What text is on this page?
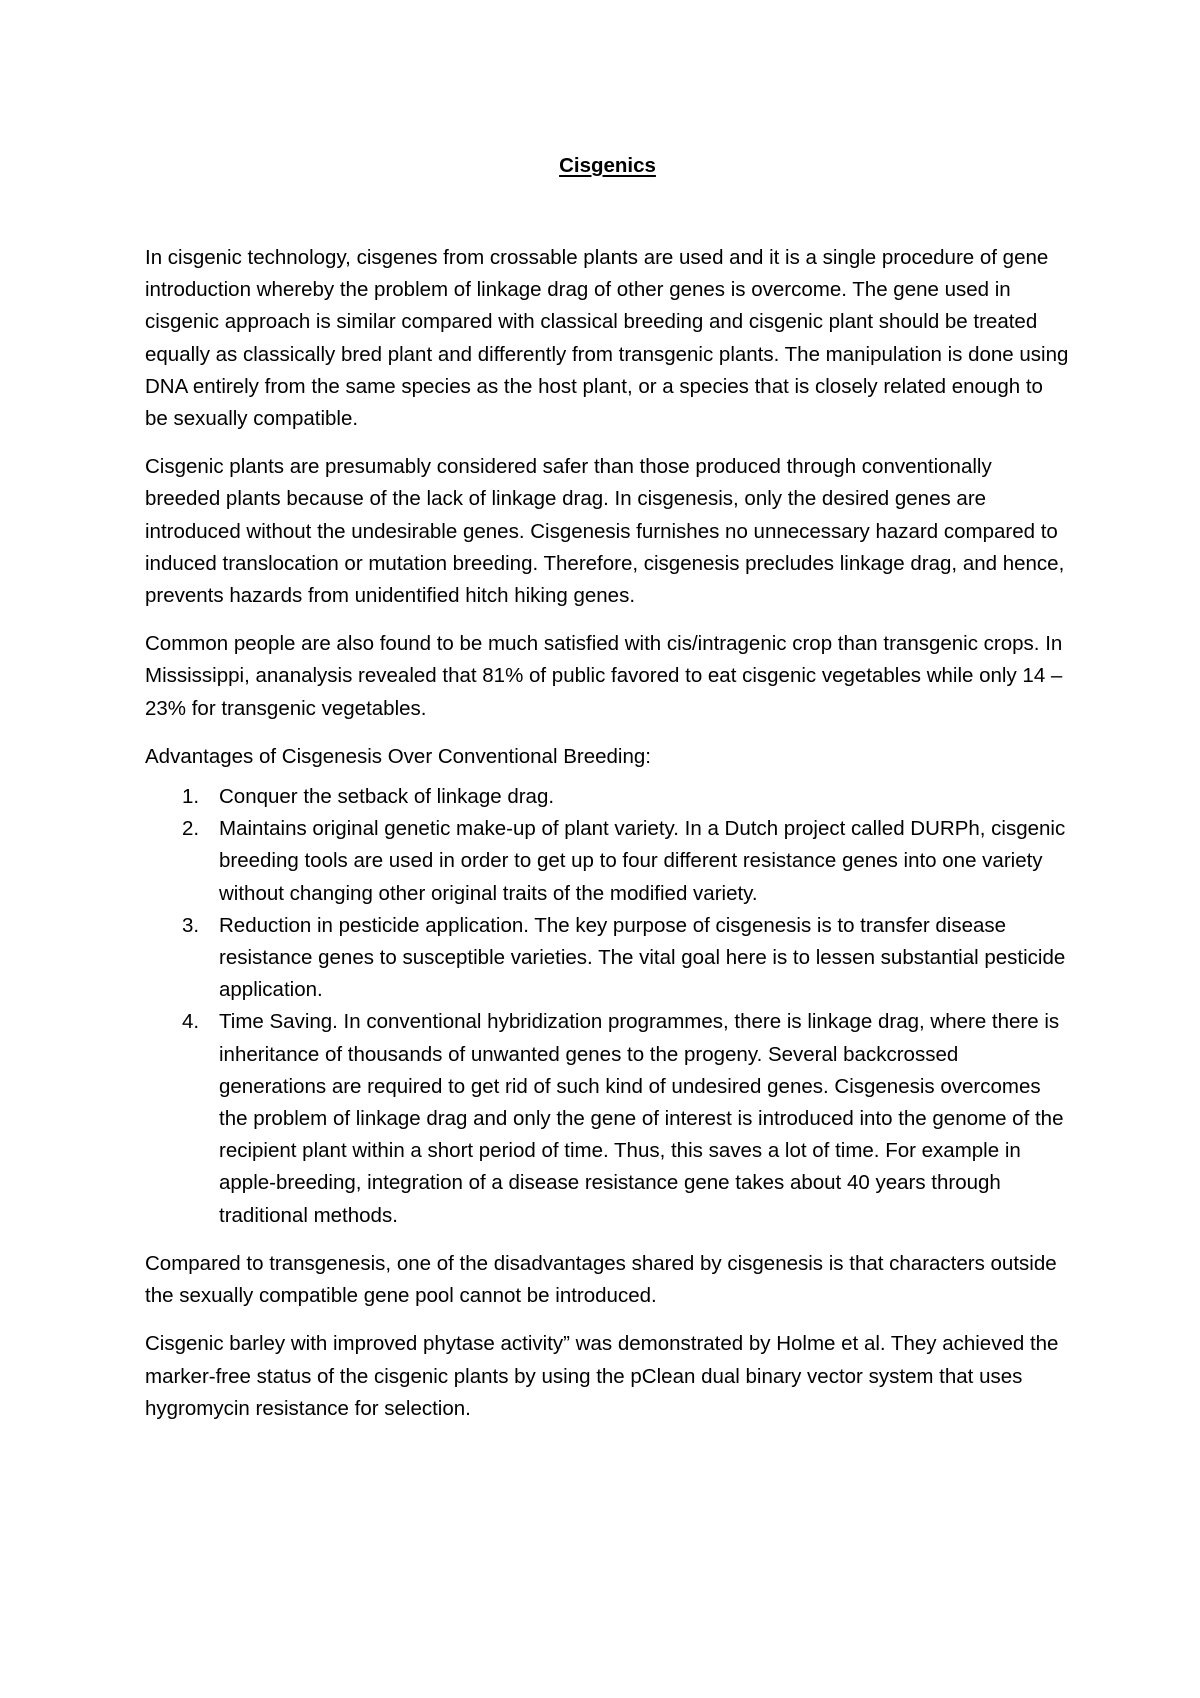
Cisgenics

In cisgenic technology, cisgenes from crossable plants are used and it is a single procedure of gene introduction whereby the problem of linkage drag of other genes is overcome. The gene used in cisgenic approach is similar compared with classical breeding and cisgenic plant should be treated equally as classically bred plant and differently from transgenic plants. The manipulation is done using DNA entirely from the same species as the host plant, or a species that is closely related enough to be sexually compatible.

Cisgenic plants are presumably considered safer than those produced through conventionally breeded plants because of the lack of linkage drag. In cisgenesis, only the desired genes are introduced without the undesirable genes. Cisgenesis furnishes no unnecessary hazard compared to induced translocation or mutation breeding. Therefore, cisgenesis precludes linkage drag, and hence, prevents hazards from unidentified hitch hiking genes.

Common people are also found to be much satisfied with cis/intragenic crop than transgenic crops. In Mississippi, ananalysis revealed that 81% of public favored to eat cisgenic vegetables while only 14 – 23% for transgenic vegetables.

Advantages of Cisgenesis Over Conventional Breeding:

1. Conquer the setback of linkage drag.
2. Maintains original genetic make-up of plant variety. In a Dutch project called DURPh, cisgenic breeding tools are used in order to get up to four different resistance genes into one variety without changing other original traits of the modified variety.
3. Reduction in pesticide application. The key purpose of cisgenesis is to transfer disease resistance genes to susceptible varieties. The vital goal here is to lessen substantial pesticide application.
4. Time Saving. In conventional hybridization programmes, there is linkage drag, where there is inheritance of thousands of unwanted genes to the progeny. Several backcrossed generations are required to get rid of such kind of undesired genes. Cisgenesis overcomes the problem of linkage drag and only the gene of interest is introduced into the genome of the recipient plant within a short period of time. Thus, this saves a lot of time. For example in apple-breeding, integration of a disease resistance gene takes about 40 years through traditional methods.

Compared to transgenesis, one of the disadvantages shared by cisgenesis is that characters outside the sexually compatible gene pool cannot be introduced.

Cisgenic barley with improved phytase activity” was demonstrated by Holme et al. They achieved the marker-free status of the cisgenic plants by using the pClean dual binary vector system that uses hygromycin resistance for selection.
